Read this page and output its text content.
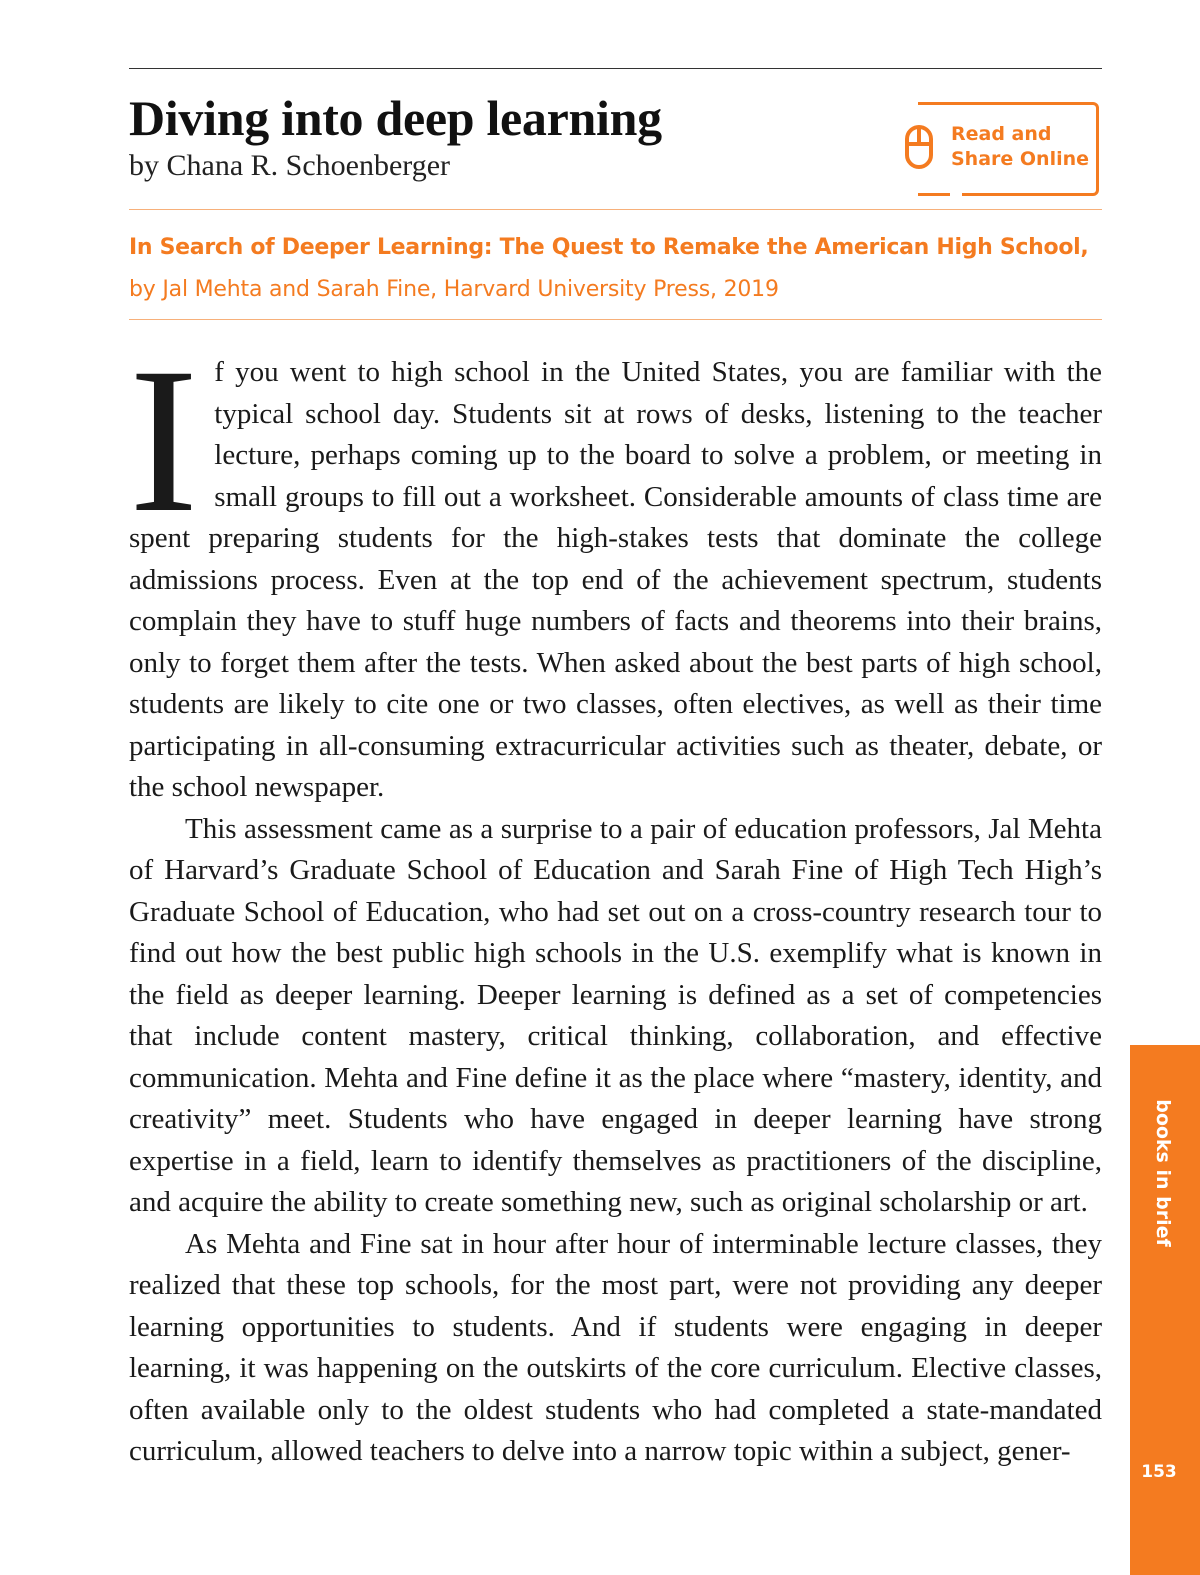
Diving into deep learning
by Chana R. Schoenberger
Read and
Share Online
In Search of Deeper Learning: The Quest to Remake the American High School,
by Jal Mehta and Sarah Fine, Harvard University Press, 2019

If you went to high school in the United States, you are familiar with the typical school day. Students sit at rows of desks, listening to the teacher lecture, perhaps coming up to the board to solve a problem, or meeting in small groups to fill out a worksheet. Considerable amounts of class time are spent preparing students for the high-stakes tests that dominate the college admissions process. Even at the top end of the achievement spectrum, students complain they have to stuff huge numbers of facts and theorems into their brains, only to forget them after the tests. When asked about the best parts of high school, students are likely to cite one or two classes, often electives, as well as their time participating in all-consuming extracurricular activities such as theater, debate, or the school newspaper.

This assessment came as a surprise to a pair of education professors, Jal Mehta of Harvard’s Graduate School of Education and Sarah Fine of High Tech High’s Graduate School of Education, who had set out on a cross-country research tour to find out how the best public high schools in the U.S. exemplify what is known in the field as deeper learning. Deeper learning is defined as a set of competencies that include content mastery, critical thinking, collaboration, and effective communication. Mehta and Fine define it as the place where “mastery, identity, and creativity” meet. Students who have engaged in deeper learning have strong expertise in a field, learn to identify themselves as practitioners of the discipline, and acquire the ability to create something new, such as original scholarship or art.

As Mehta and Fine sat in hour after hour of interminable lecture classes, they realized that these top schools, for the most part, were not providing any deeper learning opportunities to students. And if students were engaging in deeper learning, it was happening on the outskirts of the core curriculum. Elective classes, often available only to the oldest students who had completed a state-mandated curriculum, allowed teachers to delve into a narrow topic within a subject, gener-

books in brief
153
